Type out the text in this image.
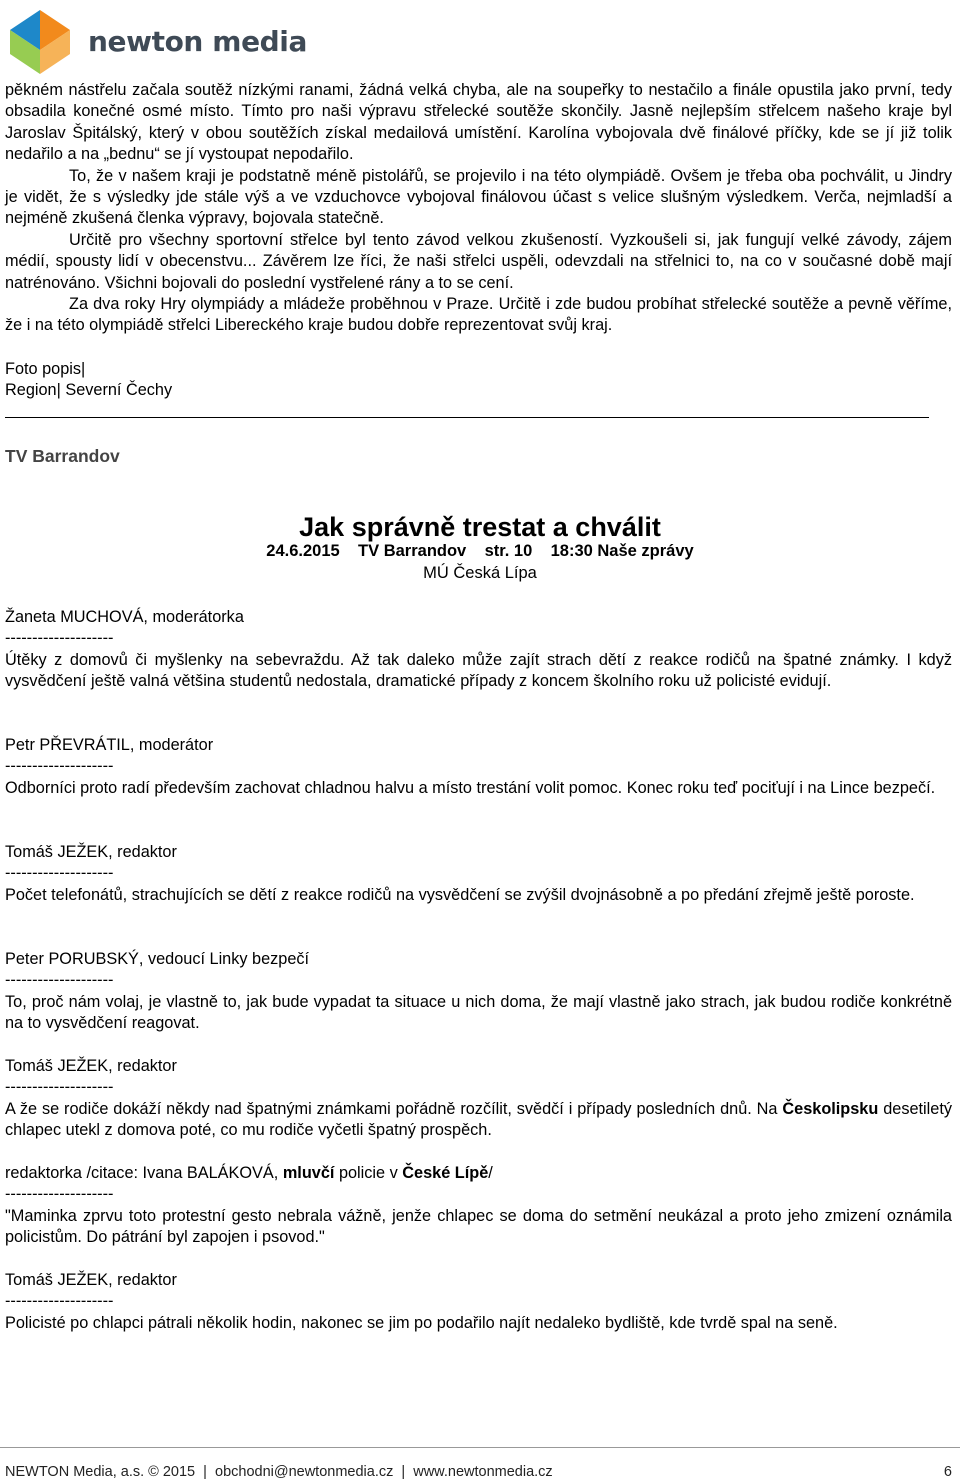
newton media

pěkném nástřelu začala soutěž nízkými ranami, žádná velká chyba, ale na soupeřky to nestačilo a finále opustila jako první, tedy obsadila konečné osmé místo. Tímto pro naši výpravu střelecké soutěže skončily. Jasně nejlepším střelcem našeho kraje byl Jaroslav Špitálský, který v obou soutěžích získal medailová umístění. Karolína vybojovala dvě finálové příčky, kde se jí již tolik nedařilo a na „bednu“ se jí vystoupat nepodařilo.

To, že v našem kraji je podstatně méně pistolářů, se projevilo i na této olympiádě. Ovšem je třeba oba pochválit, u Jindry je vidět, že s výsledky jde stále výš a ve vzduchovce vybojoval finálovou účast s velice slušným výsledkem. Verča, nejmladší a nejméně zkušená členka výpravy, bojovala statečně.

Určitě pro všechny sportovní střelce byl tento závod velkou zkušeností. Vyzkoušeli si, jak fungují velké závody, zájem médií, spousty lidí v obecenstvu... Závěrem lze říci, že naši střelci uspěli, odevzdali na střelnici to, na co v současné době mají natrénováno. Všichni bojovali do poslední vystřelené rány a to se cení.

Za dva roky Hry olympiády a mládeže proběhnou v Praze. Určitě i zde budou probíhat střelecké soutěže a pevně věříme, že i na této olympiádě střelci Libereckého kraje budou dobře reprezentovat svůj kraj.

Foto popis|
Region| Severní Čechy
TV Barrandov
Jak správně trestat a chválit
24.6.2015    TV Barrandov    str. 10    18:30 Naše zprávy
MÚ Česká Lípa
Žaneta MUCHOVÁ, moderátorka
--------------------
Útěky z domovů či myšlenky na sebevraždu. Až tak daleko může zajít strach dětí z reakce rodičů na špatné známky. I když vysvědčení ještě valná většina studentů nedostala, dramatické případy z koncem školního roku už policisté evidují.
Petr PŘEVRÁTIL, moderátor
--------------------
Odborníci proto radí především zachovat chladnou halvu a místo trestání volit pomoc. Konec roku teď pociťují i na Lince bezpečí.
Tomáš JEŽEK, redaktor
--------------------
Počet telefonátů, strachujících se dětí z reakce rodičů na vysvědčení se zvýšil dvojnásobně a po předání zřejmě ještě poroste.
Peter PORUBSKÝ, vedoucí Linky bezpečí
--------------------
To, proč nám volaj, je vlastně to, jak bude vypadat ta situace u nich doma, že mají vlastně jako strach, jak budou rodiče konkrétně na to vysvědčení reagovat.
Tomáš JEŽEK, redaktor
--------------------
A že se rodiče dokáží někdy nad špatnými známkami pořádně rozčílit, svědčí i případy posledních dnů. Na Českolipsku desetiletý chlapec utekl z domova poté, co mu rodiče vyčetli špatný prospěch.
redaktorka /citace: Ivana BALÁKOVÁ, mluvčí policie v České Lípě/
--------------------
"Maminka zprvu toto protestní gesto nebrala vážně, jenže chlapec se doma do setmění neukázal a proto jeho zmizení oznámila policistům. Do pátrání byl zapojen i psovod."
Tomáš JEŽEK, redaktor
--------------------
Policisté po chlapci pátrali několik hodin, nakonec se jim po podařilo najít nedaleko bydliště, kde tvrdě spal na seně.
NEWTON Media, a.s. © 2015  |  obchodni@newtonmedia.cz  |  www.newtonmedia.cz	6
